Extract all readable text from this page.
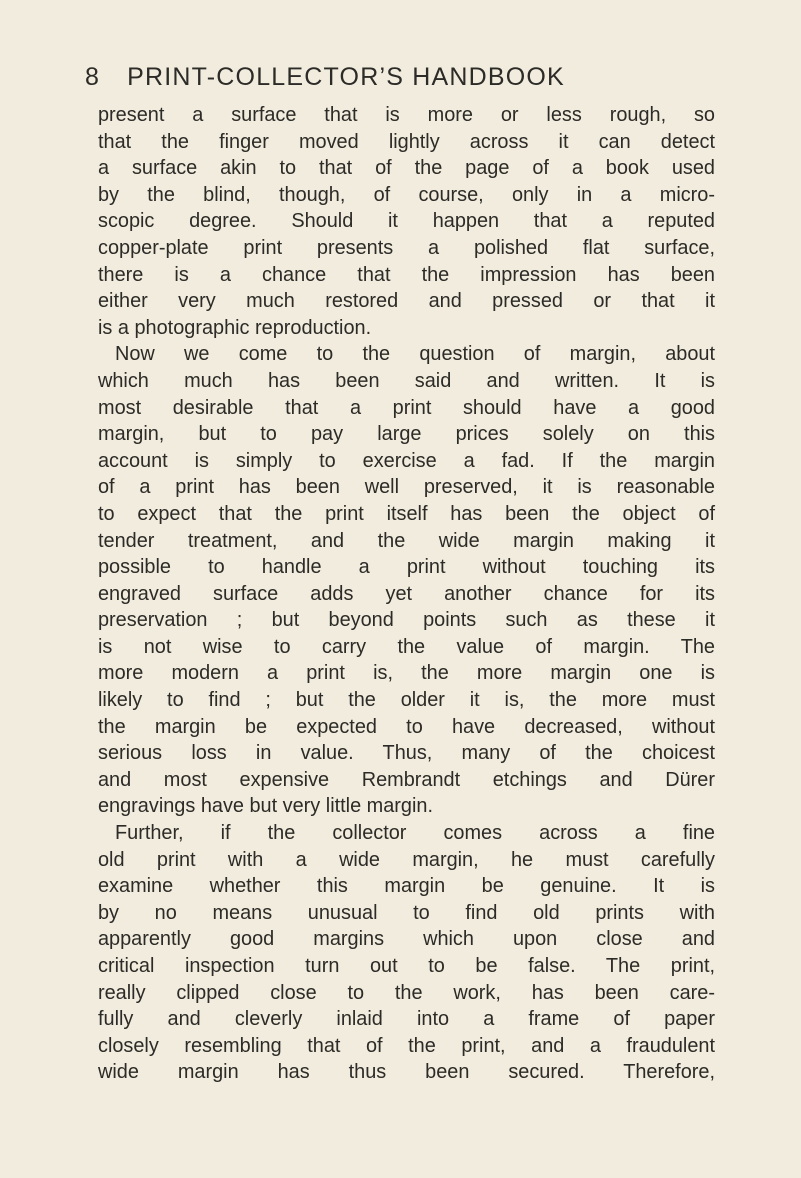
8 PRINT-COLLECTOR’S HANDBOOK
present a surface that is more or less rough, so
that the finger moved lightly across it can detect
a surface akin to that of the page of a book used
by the blind, though, of course, only in a micro-
scopic degree. Should it happen that a reputed
copper-plate print presents a polished flat surface,
there is a chance that the impression has been
either very much restored and pressed or that it
is a photographic reproduction.
Now we come to the question of margin, about
which much has been said and written. It is
most desirable that a print should have a good
margin, but to pay large prices solely on this
account is simply to exercise a fad. If the margin
of a print has been well preserved, it is reasonable
to expect that the print itself has been the object of
tender treatment, and the wide margin making it
possible to handle a print without touching its
engraved surface adds yet another chance for its
preservation ; but beyond points such as these it
is not wise to carry the value of margin. The
more modern a print is, the more margin one is
likely to find ; but the older it is, the more must
the margin be expected to have decreased, without
serious loss in value. Thus, many of the choicest
and most expensive Rembrandt etchings and Dürer
engravings have but very little margin.
Further, if the collector comes across a fine
old print with a wide margin, he must carefully
examine whether this margin be genuine. It is
by no means unusual to find old prints with
apparently good margins which upon close and
critical inspection turn out to be false. The print,
really clipped close to the work, has been care-
fully and cleverly inlaid into a frame of paper
closely resembling that of the print, and a fraudulent
wide margin has thus been secured. Therefore,
